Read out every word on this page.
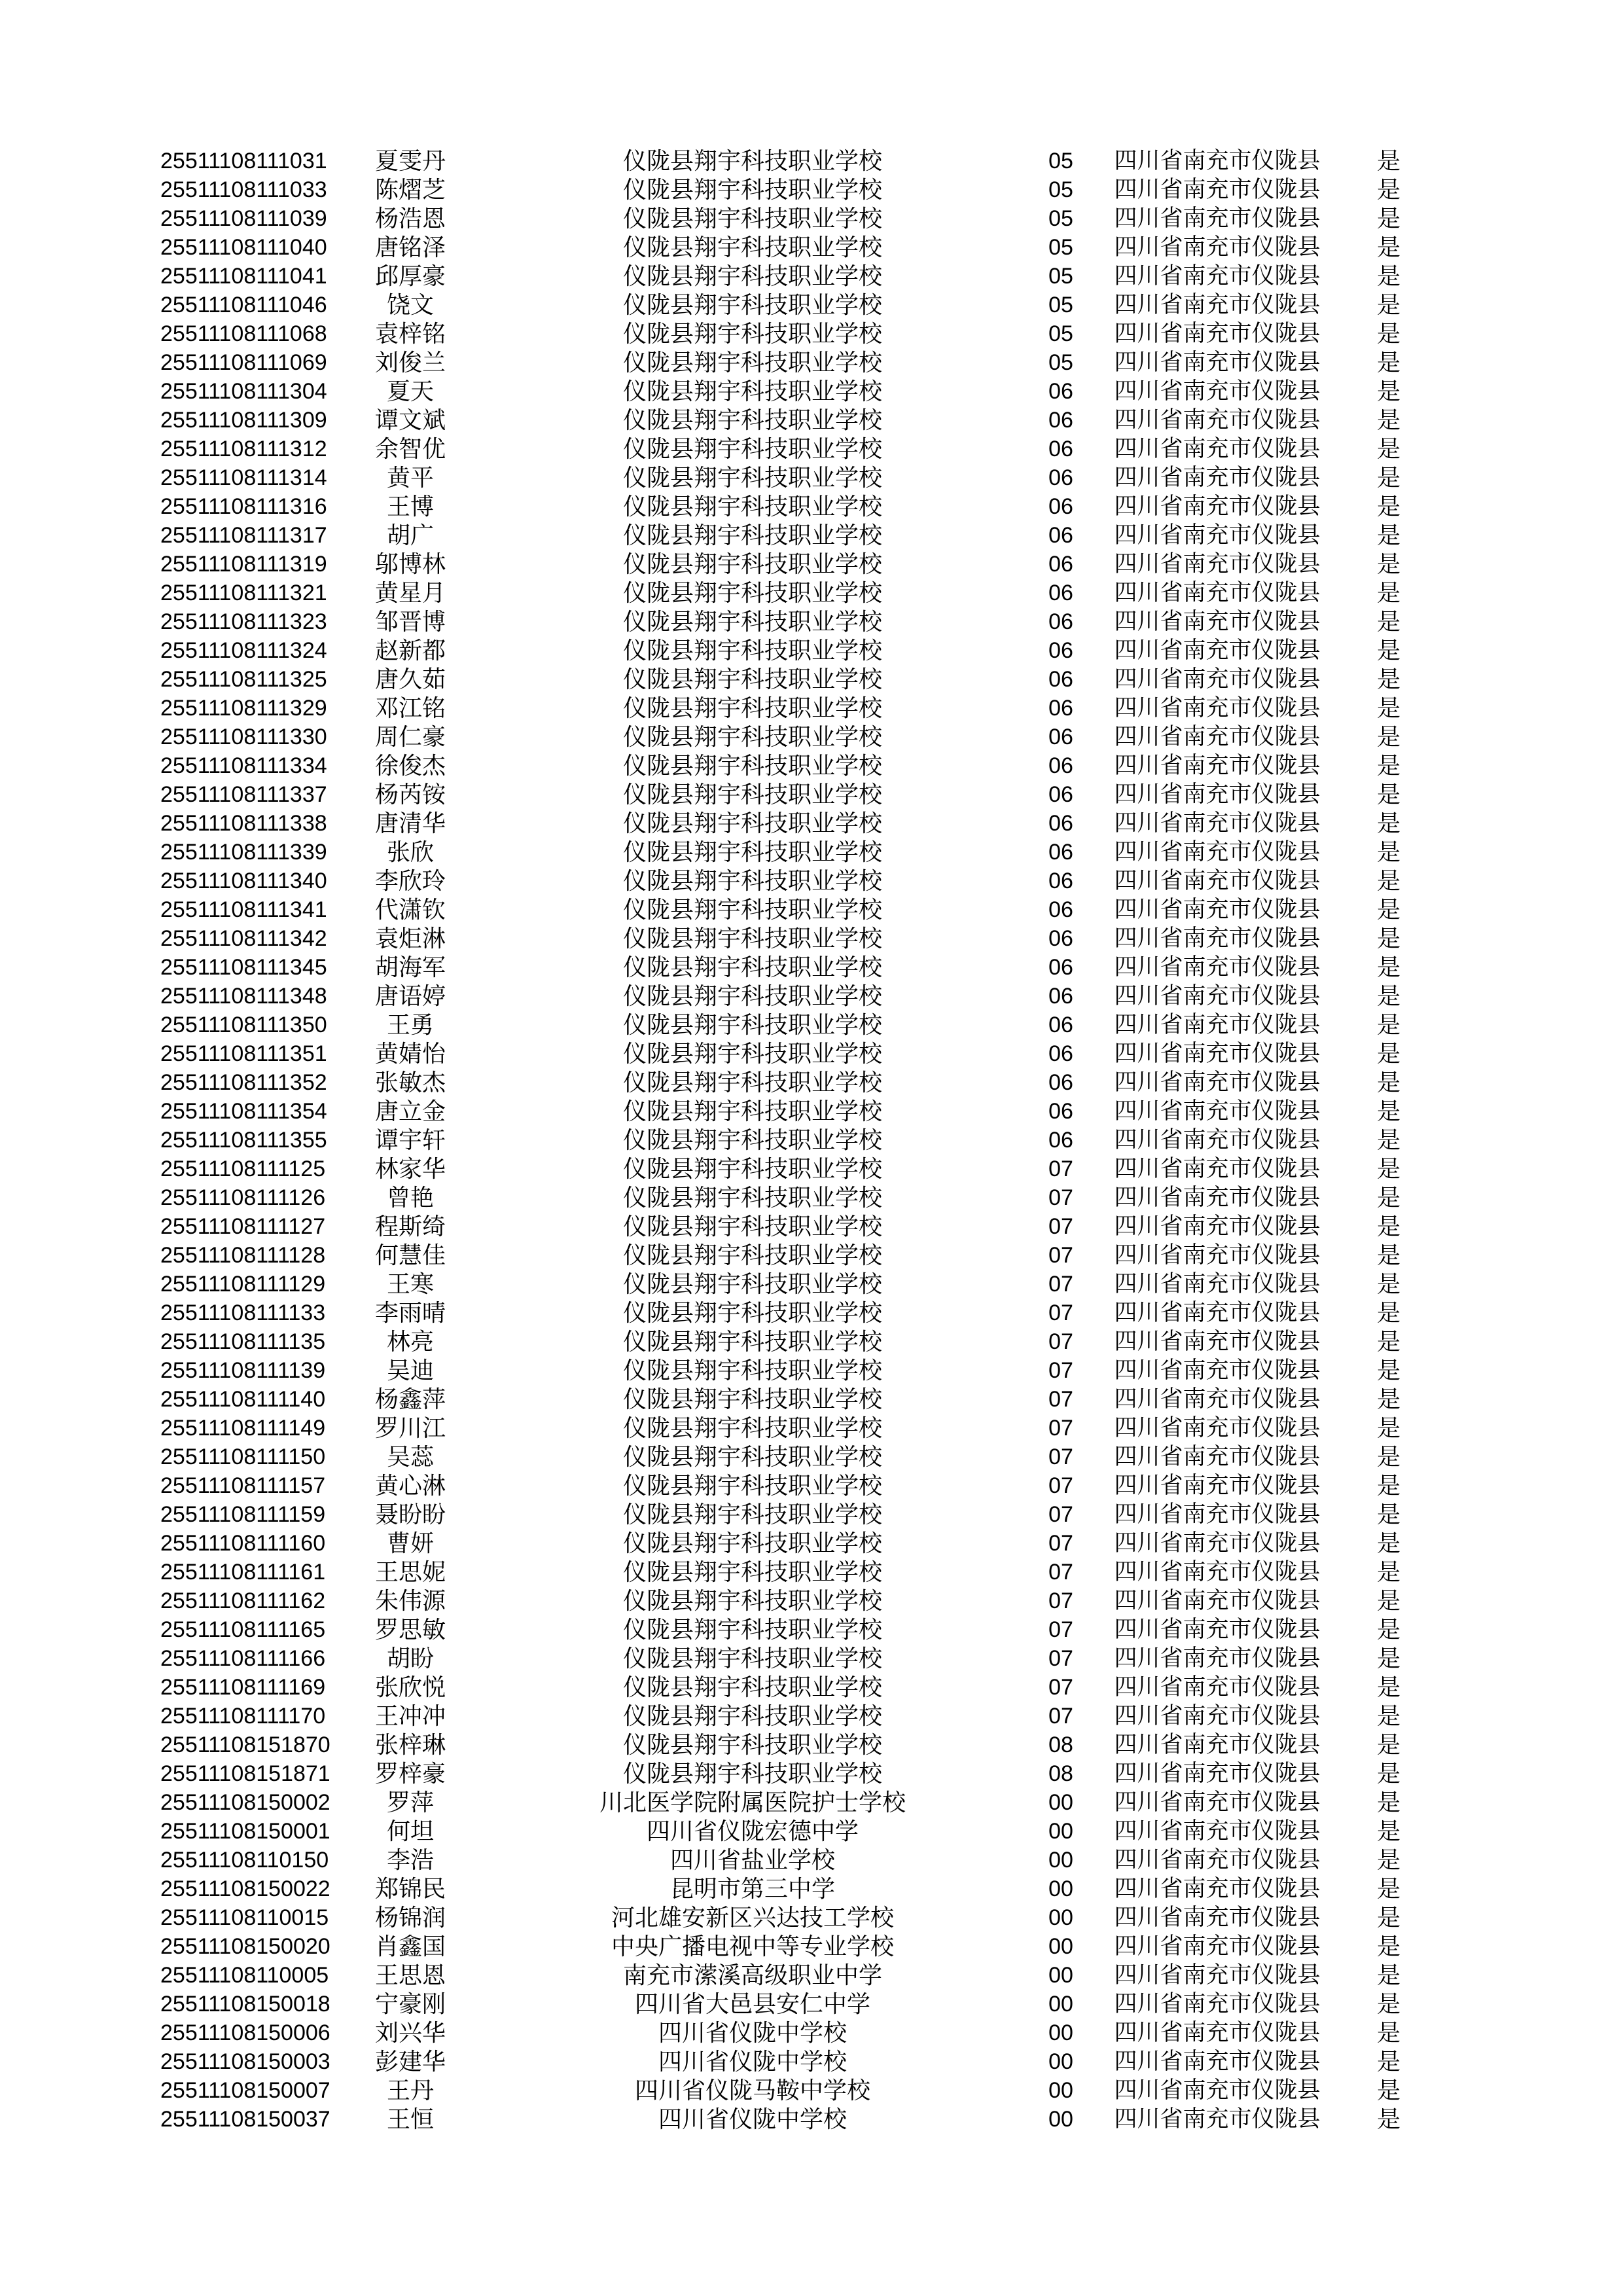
25511108111031	夏雯丹	仪陇县翔宇科技职业学校	05	四川省南充市仪陇县	是
25511108111033	陈熠芝	仪陇县翔宇科技职业学校	05	四川省南充市仪陇县	是
25511108111039	杨浩恩	仪陇县翔宇科技职业学校	05	四川省南充市仪陇县	是
25511108111040	唐铭泽	仪陇县翔宇科技职业学校	05	四川省南充市仪陇县	是
25511108111041	邱厚豪	仪陇县翔宇科技职业学校	05	四川省南充市仪陇县	是
25511108111046	饶文	仪陇县翔宇科技职业学校	05	四川省南充市仪陇县	是
25511108111068	袁梓铭	仪陇县翔宇科技职业学校	05	四川省南充市仪陇县	是
25511108111069	刘俊兰	仪陇县翔宇科技职业学校	05	四川省南充市仪陇县	是
25511108111304	夏天	仪陇县翔宇科技职业学校	06	四川省南充市仪陇县	是
25511108111309	谭文斌	仪陇县翔宇科技职业学校	06	四川省南充市仪陇县	是
25511108111312	余智优	仪陇县翔宇科技职业学校	06	四川省南充市仪陇县	是
25511108111314	黄平	仪陇县翔宇科技职业学校	06	四川省南充市仪陇县	是
25511108111316	王博	仪陇县翔宇科技职业学校	06	四川省南充市仪陇县	是
25511108111317	胡广	仪陇县翔宇科技职业学校	06	四川省南充市仪陇县	是
25511108111319	邬博林	仪陇县翔宇科技职业学校	06	四川省南充市仪陇县	是
25511108111321	黄星月	仪陇县翔宇科技职业学校	06	四川省南充市仪陇县	是
25511108111323	邹晋博	仪陇县翔宇科技职业学校	06	四川省南充市仪陇县	是
25511108111324	赵新都	仪陇县翔宇科技职业学校	06	四川省南充市仪陇县	是
25511108111325	唐久茹	仪陇县翔宇科技职业学校	06	四川省南充市仪陇县	是
25511108111329	邓江铭	仪陇县翔宇科技职业学校	06	四川省南充市仪陇县	是
25511108111330	周仁豪	仪陇县翔宇科技职业学校	06	四川省南充市仪陇县	是
25511108111334	徐俊杰	仪陇县翔宇科技职业学校	06	四川省南充市仪陇县	是
25511108111337	杨芮铵	仪陇县翔宇科技职业学校	06	四川省南充市仪陇县	是
25511108111338	唐清华	仪陇县翔宇科技职业学校	06	四川省南充市仪陇县	是
25511108111339	张欣	仪陇县翔宇科技职业学校	06	四川省南充市仪陇县	是
25511108111340	李欣玲	仪陇县翔宇科技职业学校	06	四川省南充市仪陇县	是
25511108111341	代潇钦	仪陇县翔宇科技职业学校	06	四川省南充市仪陇县	是
25511108111342	袁炬淋	仪陇县翔宇科技职业学校	06	四川省南充市仪陇县	是
25511108111345	胡海军	仪陇县翔宇科技职业学校	06	四川省南充市仪陇县	是
25511108111348	唐语婷	仪陇县翔宇科技职业学校	06	四川省南充市仪陇县	是
25511108111350	王勇	仪陇县翔宇科技职业学校	06	四川省南充市仪陇县	是
25511108111351	黄婧怡	仪陇县翔宇科技职业学校	06	四川省南充市仪陇县	是
25511108111352	张敏杰	仪陇县翔宇科技职业学校	06	四川省南充市仪陇县	是
25511108111354	唐立金	仪陇县翔宇科技职业学校	06	四川省南充市仪陇县	是
25511108111355	谭宇轩	仪陇县翔宇科技职业学校	06	四川省南充市仪陇县	是
25511108111125	林家华	仪陇县翔宇科技职业学校	07	四川省南充市仪陇县	是
25511108111126	曾艳	仪陇县翔宇科技职业学校	07	四川省南充市仪陇县	是
25511108111127	程斯绮	仪陇县翔宇科技职业学校	07	四川省南充市仪陇县	是
25511108111128	何慧佳	仪陇县翔宇科技职业学校	07	四川省南充市仪陇县	是
25511108111129	王寒	仪陇县翔宇科技职业学校	07	四川省南充市仪陇县	是
25511108111133	李雨晴	仪陇县翔宇科技职业学校	07	四川省南充市仪陇县	是
25511108111135	林亮	仪陇县翔宇科技职业学校	07	四川省南充市仪陇县	是
25511108111139	吴迪	仪陇县翔宇科技职业学校	07	四川省南充市仪陇县	是
25511108111140	杨鑫萍	仪陇县翔宇科技职业学校	07	四川省南充市仪陇县	是
25511108111149	罗川江	仪陇县翔宇科技职业学校	07	四川省南充市仪陇县	是
25511108111150	吴蕊	仪陇县翔宇科技职业学校	07	四川省南充市仪陇县	是
25511108111157	黄心淋	仪陇县翔宇科技职业学校	07	四川省南充市仪陇县	是
25511108111159	聂盼盼	仪陇县翔宇科技职业学校	07	四川省南充市仪陇县	是
25511108111160	曹妍	仪陇县翔宇科技职业学校	07	四川省南充市仪陇县	是
25511108111161	王思妮	仪陇县翔宇科技职业学校	07	四川省南充市仪陇县	是
25511108111162	朱伟源	仪陇县翔宇科技职业学校	07	四川省南充市仪陇县	是
25511108111165	罗思敏	仪陇县翔宇科技职业学校	07	四川省南充市仪陇县	是
25511108111166	胡盼	仪陇县翔宇科技职业学校	07	四川省南充市仪陇县	是
25511108111169	张欣悦	仪陇县翔宇科技职业学校	07	四川省南充市仪陇县	是
25511108111170	王冲冲	仪陇县翔宇科技职业学校	07	四川省南充市仪陇县	是
25511108151870	张梓琳	仪陇县翔宇科技职业学校	08	四川省南充市仪陇县	是
25511108151871	罗梓豪	仪陇县翔宇科技职业学校	08	四川省南充市仪陇县	是
25511108150002	罗萍	川北医学院附属医院护士学校	00	四川省南充市仪陇县	是
25511108150001	何坦	四川省仪陇宏德中学	00	四川省南充市仪陇县	是
25511108110150	李浩	四川省盐业学校	00	四川省南充市仪陇县	是
25511108150022	郑锦民	昆明市第三中学	00	四川省南充市仪陇县	是
25511108110015	杨锦润	河北雄安新区兴达技工学校	00	四川省南充市仪陇县	是
25511108150020	肖鑫国	中央广播电视中等专业学校	00	四川省南充市仪陇县	是
25511108110005	王思恩	南充市潆溪高级职业中学	00	四川省南充市仪陇县	是
25511108150018	宁豪刚	四川省大邑县安仁中学	00	四川省南充市仪陇县	是
25511108150006	刘兴华	四川省仪陇中学校	00	四川省南充市仪陇县	是
25511108150003	彭建华	四川省仪陇中学校	00	四川省南充市仪陇县	是
25511108150007	王丹	四川省仪陇马鞍中学校	00	四川省南充市仪陇县	是
25511108150037	王恒	四川省仪陇中学校	00	四川省南充市仪陇县	是
